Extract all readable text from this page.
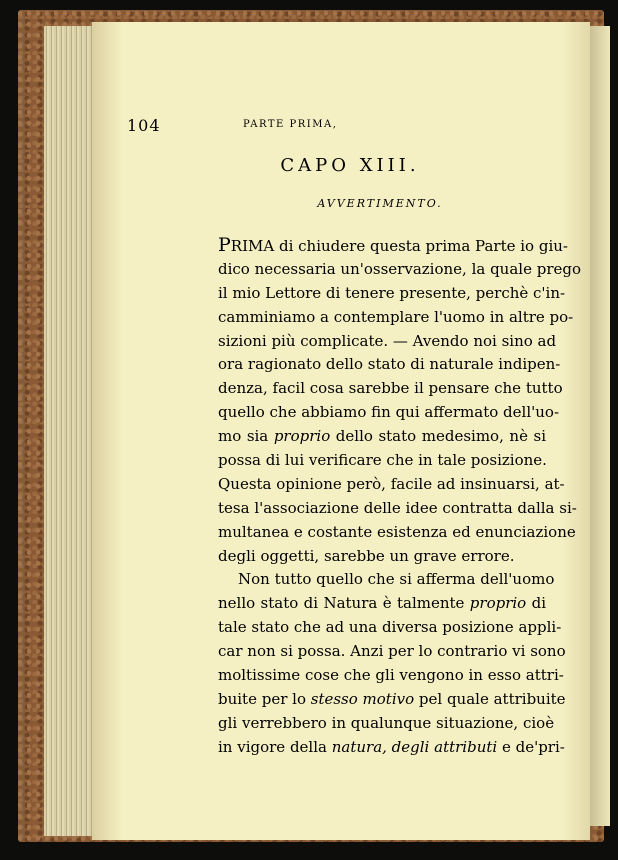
104	PARTE PRIMA,
CAPO XIII.
AVVERTIMENTO.
PRIMA di chiudere questa prima Parte io giu-
dico necessaria un'osservazione, la quale prego
il mio Lettore di tenere presente, perchè c'in-
camminiamo a contemplare l'uomo in altre po-
sizioni più complicate. — Avendo noi sino ad
ora ragionato dello stato di naturale indipen-
denza, facil cosa sarebbe il pensare che tutto
quello che abbiamo fin qui affermato dell'uo-
mo sia proprio dello stato medesimo, nè si
possa di lui verificare che in tale posizione.
Questa opinione però, facile ad insinuarsi, at-
tesa l'associazione delle idee contratta dalla si-
multanea e costante esistenza ed enunciazione
degli oggetti, sarebbe un grave errore.
Non tutto quello che si afferma dell'uomo
nello stato di Natura è talmente proprio di
tale stato che ad una diversa posizione appli-
car non si possa. Anzi per lo contrario vi sono
moltissime cose che gli vengono in esso attri-
buite per lo stesso motivo pel quale attribuite
gli verrebbero in qualunque situazione, cioè
in vigore della natura, degli attributi e de'pri-
